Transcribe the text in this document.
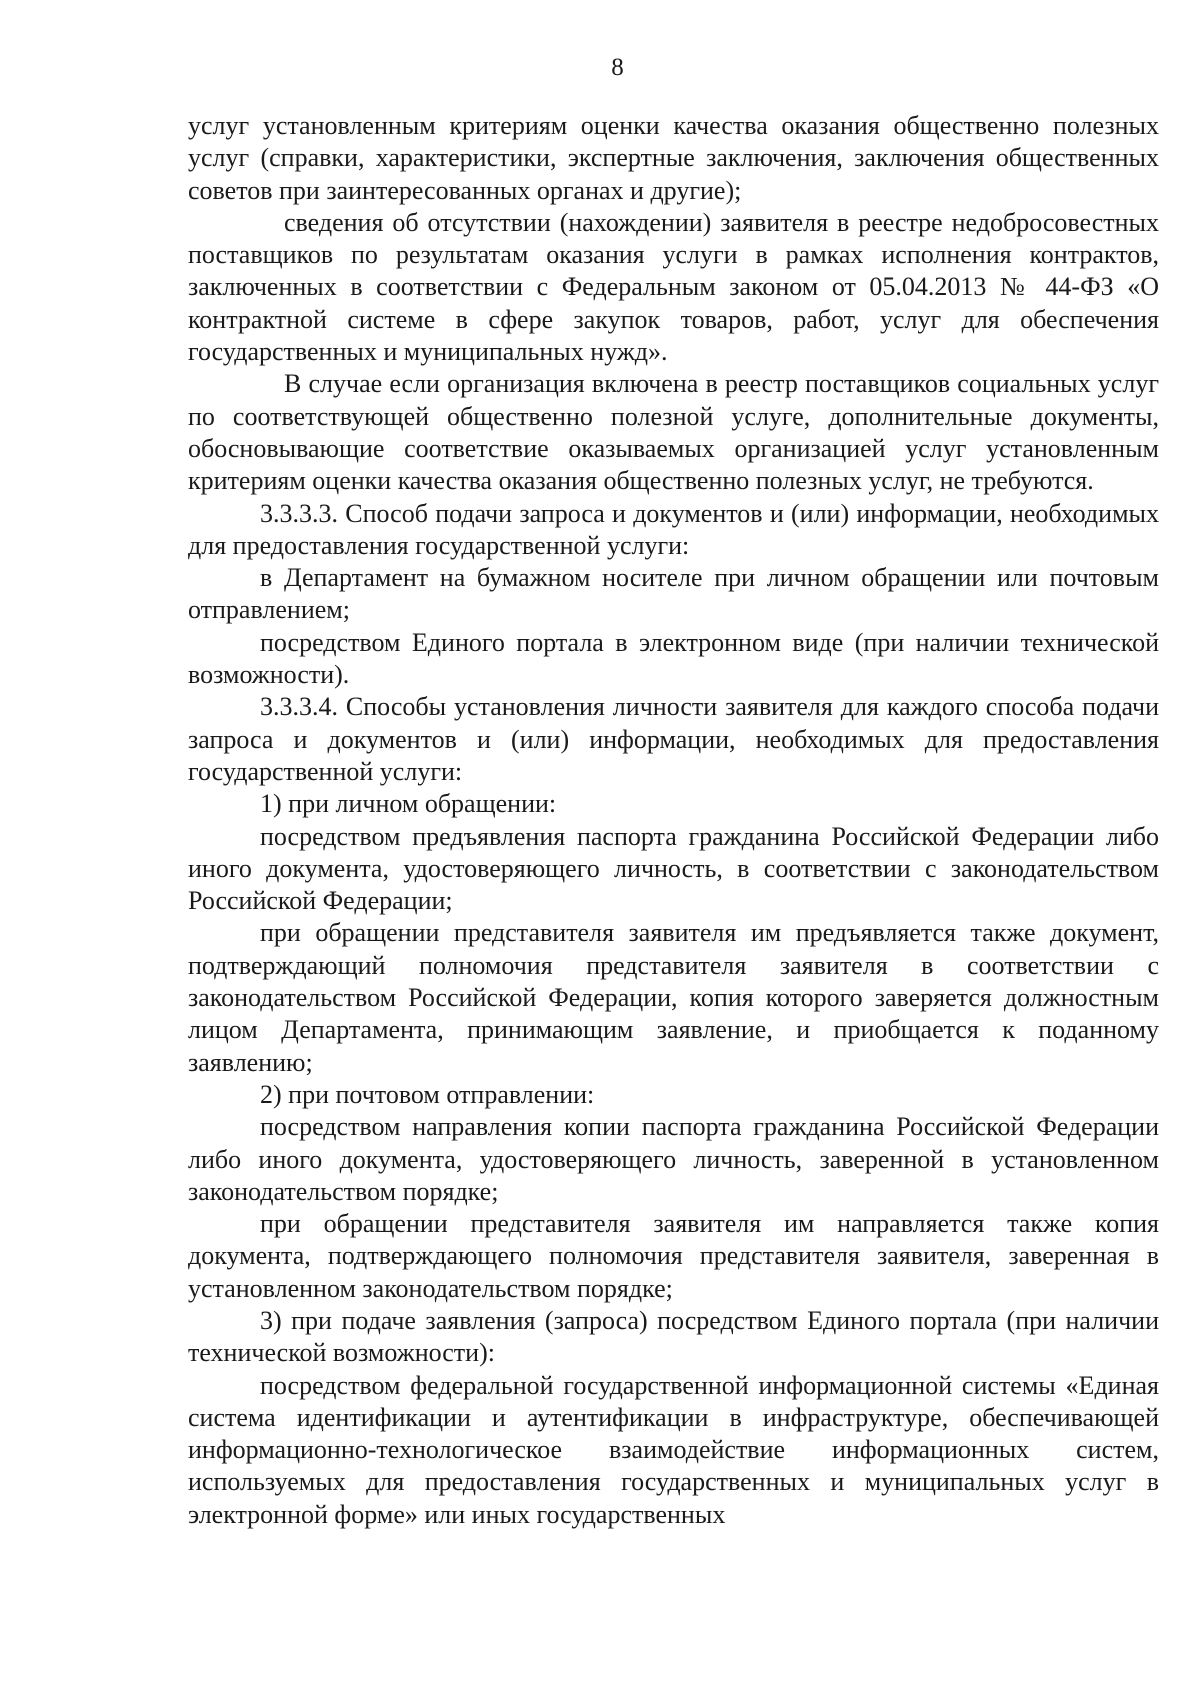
8

услуг установленным критериям оценки качества оказания общественно полезных услуг (справки, характеристики, экспертные заключения, заключения общественных советов при заинтересованных органах и другие);

сведения об отсутствии (нахождении) заявителя в реестре недобросовестных поставщиков по результатам оказания услуги в рамках исполнения контрактов, заключенных в соответствии с Федеральным законом от 05.04.2013 № 44-ФЗ «О контрактной системе в сфере закупок товаров, работ, услуг для обеспечения государственных и муниципальных нужд».

В случае если организация включена в реестр поставщиков социальных услуг по соответствующей общественно полезной услуге, дополнительные документы, обосновывающие соответствие оказываемых организацией услуг установленным критериям оценки качества оказания общественно полезных услуг, не требуются.

3.3.3.3. Способ подачи запроса и документов и (или) информации, необходимых для предоставления государственной услуги:

в Департамент на бумажном носителе при личном обращении или почтовым отправлением;

посредством Единого портала в электронном виде (при наличии технической возможности).

3.3.3.4. Способы установления личности заявителя для каждого способа подачи запроса и документов и (или) информации, необходимых для предоставления государственной услуги:

1) при личном обращении:

посредством предъявления паспорта гражданина Российской Федерации либо иного документа, удостоверяющего личность, в соответствии с законодательством Российской Федерации;

при обращении представителя заявителя им предъявляется также документ, подтверждающий полномочия представителя заявителя в соответствии с законодательством Российской Федерации, копия которого заверяется должностным лицом Департамента, принимающим заявление, и приобщается к поданному заявлению;

2) при почтовом отправлении:

посредством направления копии паспорта гражданина Российской Федерации либо иного документа, удостоверяющего личность, заверенной в установленном законодательством порядке;

при обращении представителя заявителя им направляется также копия документа, подтверждающего полномочия представителя заявителя, заверенная в установленном законодательством порядке;

3) при подаче заявления (запроса) посредством Единого портала (при наличии технической возможности):

посредством федеральной государственной информационной системы «Единая система идентификации и аутентификации в инфраструктуре, обеспечивающей информационно-технологическое взаимодействие информационных систем, используемых для предоставления государственных и муниципальных услуг в электронной форме» или иных государственных
